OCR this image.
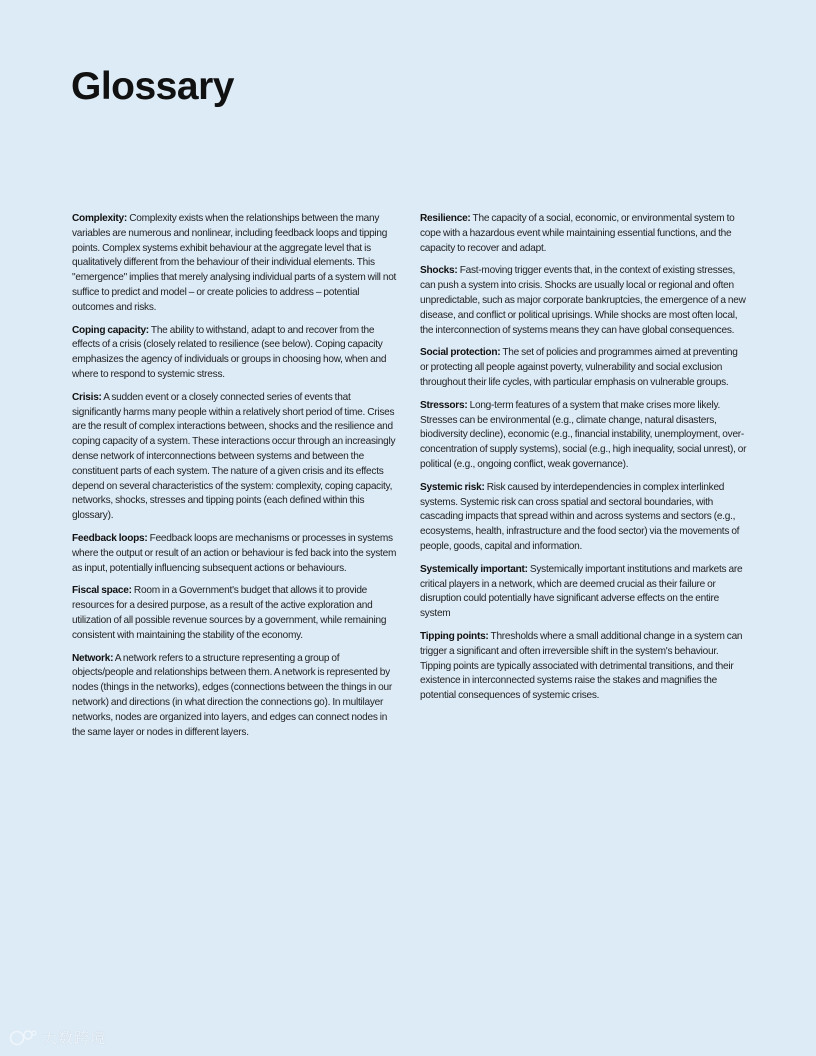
Glossary

Complexity: Complexity exists when the relationships between the many variables are numerous and nonlinear, including feedback loops and tipping points. Complex systems exhibit behaviour at the aggregate level that is qualitatively different from the behaviour of their individual elements. This "emergence" implies that merely analysing individual parts of a system will not suffice to predict and model – or create policies to address – potential outcomes and risks.

Coping capacity: The ability to withstand, adapt to and recover from the effects of a crisis (closely related to resilience (see below). Coping capacity emphasizes the agency of individuals or groups in choosing how, when and where to respond to systemic stress.

Crisis: A sudden event or a closely connected series of events that significantly harms many people within a relatively short period of time. Crises are the result of complex interactions between, shocks and the resilience and coping capacity of a system. These interactions occur through an increasingly dense network of interconnections between systems and between the constituent parts of each system. The nature of a given crisis and its effects depend on several characteristics of the system: complexity, coping capacity, networks, shocks, stresses and tipping points (each defined within this glossary).

Feedback loops: Feedback loops are mechanisms or processes in systems where the output or result of an action or behaviour is fed back into the system as input, potentially influencing subsequent actions or behaviours.

Fiscal space: Room in a Government's budget that allows it to provide resources for a desired purpose, as a result of the active exploration and utilization of all possible revenue sources by a government, while remaining consistent with maintaining the stability of the economy.

Network: A network refers to a structure representing a group of objects/people and relationships between them. A network is represented by nodes (things in the networks), edges (connections between the things in our network) and directions (in what direction the connections go). In multilayer networks, nodes are organized into layers, and edges can connect nodes in the same layer or nodes in different layers.

Resilience: The capacity of a social, economic, or environmental system to cope with a hazardous event while maintaining essential functions, and the capacity to recover and adapt.

Shocks: Fast-moving trigger events that, in the context of existing stresses, can push a system into crisis. Shocks are usually local or regional and often unpredictable, such as major corporate bankruptcies, the emergence of a new disease, and conflict or political uprisings. While shocks are most often local, the interconnection of systems means they can have global consequences.

Social protection: The set of policies and programmes aimed at preventing or protecting all people against poverty, vulnerability and social exclusion throughout their life cycles, with particular emphasis on vulnerable groups.

Stressors: Long-term features of a system that make crises more likely. Stresses can be environmental (e.g., climate change, natural disasters, biodiversity decline), economic (e.g., financial instability, unemployment, over-concentration of supply systems), social (e.g., high inequality, social unrest), or political (e.g., ongoing conflict, weak governance).

Systemic risk: Risk caused by interdependencies in complex interlinked systems. Systemic risk can cross spatial and sectoral boundaries, with cascading impacts that spread within and across systems and sectors (e.g., ecosystems, health, infrastructure and the food sector) via the movements of people, goods, capital and information.

Systemically important: Systemically important institutions and markets are critical players in a network, which are deemed crucial as their failure or disruption could potentially have significant adverse effects on the entire system

Tipping points: Thresholds where a small additional change in a system can trigger a significant and often irreversible shift in the system's behaviour. Tipping points are typically associated with detrimental transitions, and their existence in interconnected systems raise the stakes and magnifies the potential consequences of systemic crises.

大数跨境
